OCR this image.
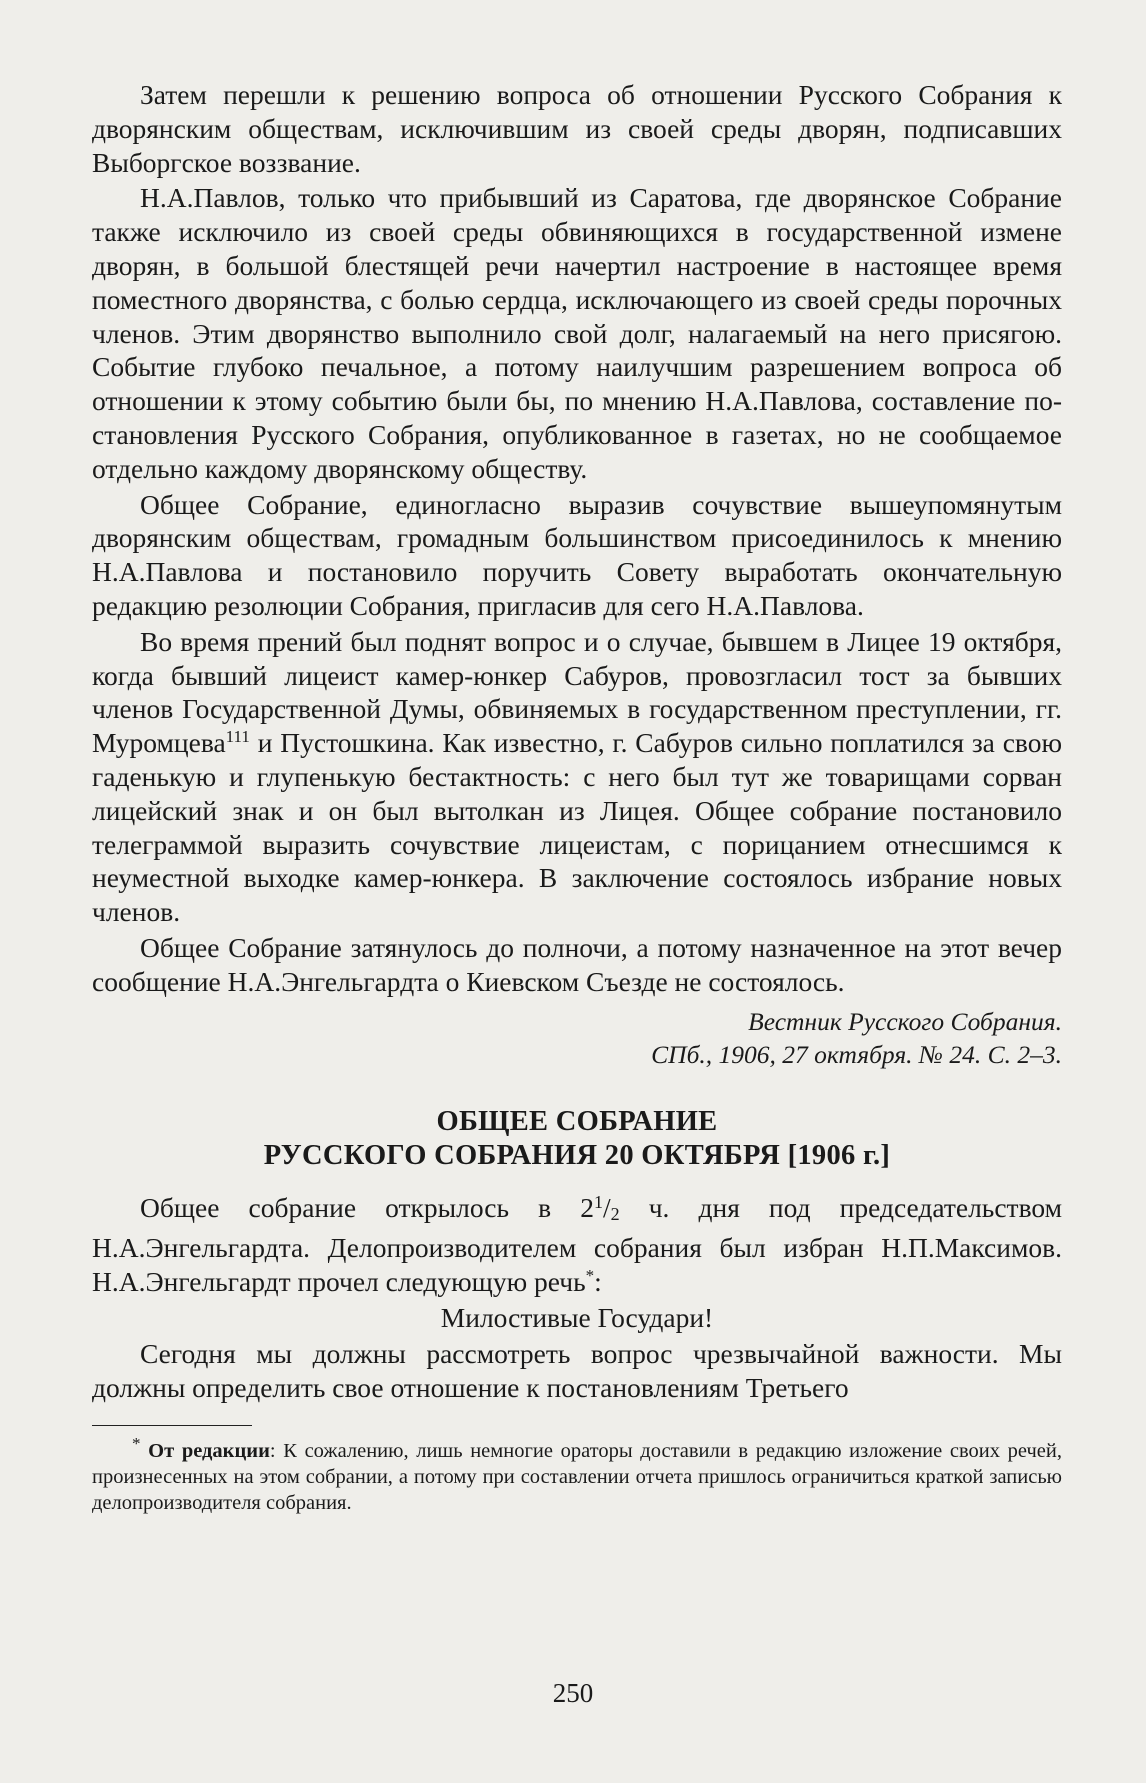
Затем перешли к решению вопроса об отношении Русского Собрания к дворянским обществам, исключившим из своей среды дворян, подписавших Выборгское воззвание.

Н.А.Павлов, только что прибывший из Саратова, где дворянское Собрание также исключило из своей среды обвиняющихся в государственной измене дворян, в большой блестящей речи начертил настроение в настоящее время поместного дворянства, с болью сердца, исключающего из своей среды порочных членов. Этим дворянство выполнило свой долг, налагаемый на него присягою. Событие глубоко печальное, а потому наилучшим разрешением вопроса об отношении к этому событию были бы, по мнению Н.А.Павлова, составление постановления Русского Собрания, опубликованное в газетах, но не сообщаемое отдельно каждому дворянскому обществу.

Общее Собрание, единогласно выразив сочувствие вышеупомянутым дворянским обществам, громадным большинством присоединилось к мнению Н.А.Павлова и постановило поручить Совету выработать окончательную редакцию резолюции Собрания, пригласив для сего Н.А.Павлова.

Во время прений был поднят вопрос и о случае, бывшем в Лицее 19 октября, когда бывший лицеист камер-юнкер Сабуров, провозгласил тост за бывших членов Государственной Думы, обвиняемых в государственном преступлении, гг. Муромцева$^{111}$ и Пустошкина. Как известно, г. Сабуров сильно поплатился за свою гаденькую и глупенькую бестактность: с него был тут же товарищами сорван лицейский знак и он был вытолкан из Лицея. Общее собрание постановило телеграммой выразить сочувствие лицеистам, с порицанием отнесшимся к неуместной выходке камер-юнкера. В заключение состоялось избрание новых членов.

Общее Собрание затянулось до полночи, а потому назначенное на этот вечер сообщение Н.А.Энгельгардта о Киевском Съезде не состоялось.

Вестник Русского Собрания.
СПб., 1906, 27 октября. № 24. С. 2–3.
ОБЩЕЕ СОБРАНИЕ
РУССКОГО СОБРАНИЯ 20 ОКТЯБРЯ [1906 г.]

Общее собрание открылось в $2^1/_2$ ч. дня под председательством Н.А.Энгельгардта. Делопроизводителем собрания был избран Н.П.Максимов. Н.А.Энгельгардт прочел следующую речь*:

Милостивые Государи!

Сегодня мы должны рассмотреть вопрос чрезвычайной важности. Мы должны определить свое отношение к постановлениям Третьего

* От редакции: К сожалению, лишь немногие ораторы доставили в редакцию изложение своих речей, произнесенных на этом собрании, а потому при составлении отчета пришлось ограничиться краткой записью делопроизводителя собрания.

250
